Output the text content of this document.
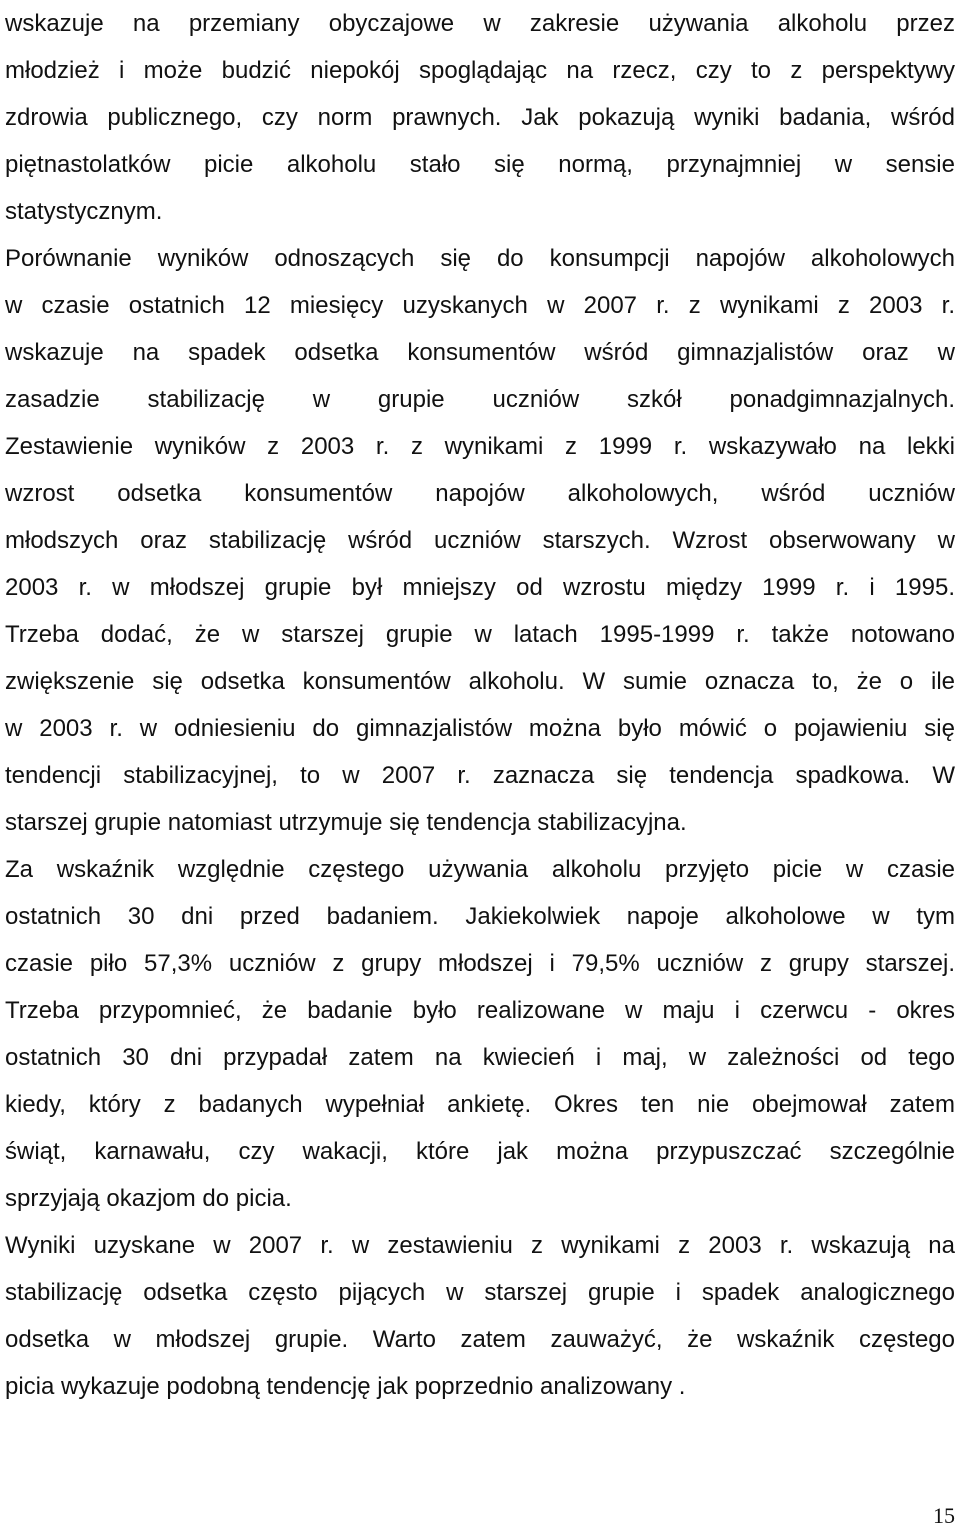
wskazuje na przemiany obyczajowe w zakresie używania alkoholu przez
młodzież i może budzić niepokój spoglądając na rzecz, czy to z perspektywy
zdrowia publicznego, czy norm prawnych. Jak pokazują wyniki badania, wśród
piętnastolatków picie alkoholu stało się normą, przynajmniej w sensie
statystycznym.
Porównanie wyników odnoszących się do konsumpcji napojów alkoholowych
w czasie ostatnich 12 miesięcy uzyskanych w 2007 r. z wynikami z 2003 r.
wskazuje na spadek odsetka konsumentów wśród gimnazjalistów oraz w
zasadzie stabilizację w grupie uczniów szkół ponadgimnazjalnych.
Zestawienie wyników z 2003 r. z wynikami z 1999 r. wskazywało na lekki
wzrost odsetka konsumentów napojów alkoholowych, wśród uczniów
młodszych oraz stabilizację wśród uczniów starszych. Wzrost obserwowany w
2003 r. w młodszej grupie był mniejszy od wzrostu między 1999 r. i 1995.
Trzeba dodać, że w starszej grupie w latach 1995-1999 r. także notowano
zwiększenie się odsetka konsumentów alkoholu. W sumie oznacza to, że o ile
w 2003 r. w odniesieniu do gimnazjalistów można było mówić o pojawieniu się
tendencji stabilizacyjnej, to w 2007 r. zaznacza się tendencja spadkowa. W
starszej grupie natomiast utrzymuje się tendencja stabilizacyjna.
Za wskaźnik względnie częstego używania alkoholu przyjęto picie w czasie
ostatnich 30 dni przed badaniem. Jakiekolwiek napoje alkoholowe w tym
czasie piło 57,3% uczniów z grupy młodszej i 79,5% uczniów z grupy starszej.
Trzeba przypomnieć, że badanie było realizowane w maju i czerwcu - okres
ostatnich 30 dni przypadał zatem na kwiecień i maj, w zależności od tego
kiedy, który z badanych wypełniał ankietę. Okres ten nie obejmował zatem
świąt, karnawału, czy wakacji, które jak można przypuszczać szczególnie
sprzyjają okazjom do picia.
Wyniki uzyskane w 2007 r. w zestawieniu z wynikami z 2003 r. wskazują na
stabilizację odsetka często pijących w starszej grupie i spadek analogicznego
odsetka w młodszej grupie. Warto zatem zauważyć, że wskaźnik częstego
picia wykazuje podobną tendencję jak poprzednio analizowany .
15
